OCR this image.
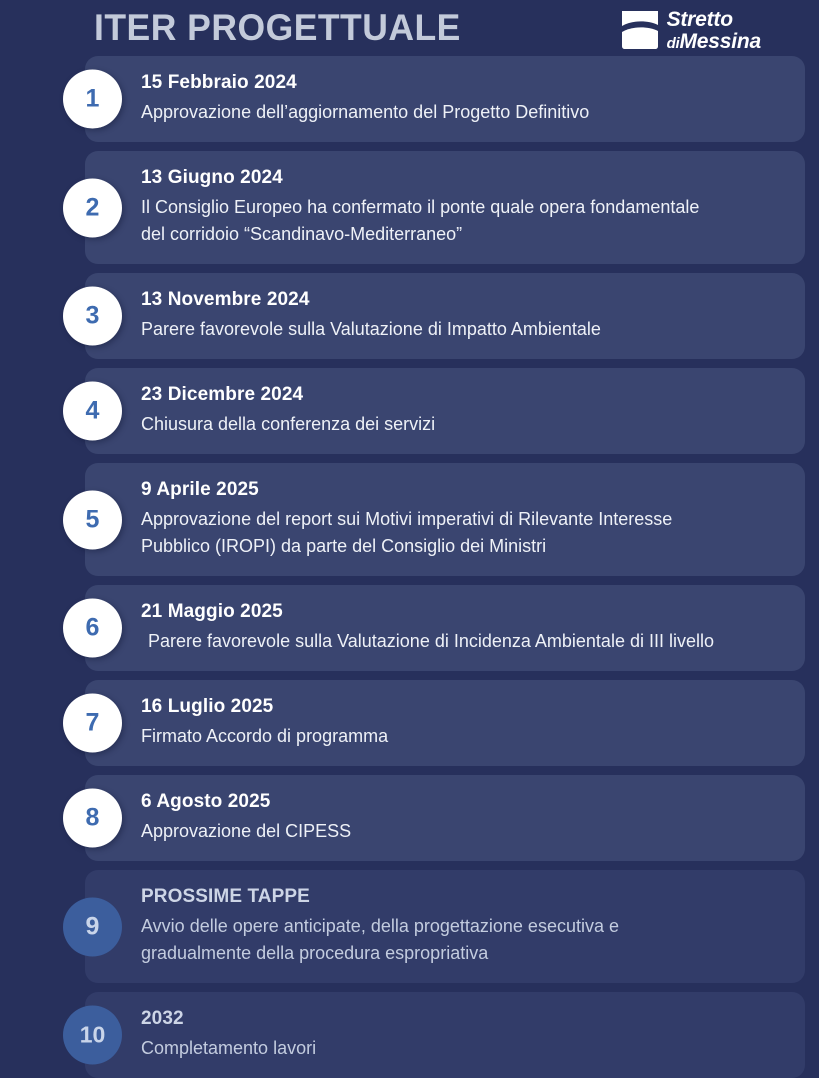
ITER PROGETTUALE	Stretto
diMessina
15 Febbraio 2024
Approvazione dell’aggiornamento del Progetto Definitivo
1
13 Giugno 2024
Il Consiglio Europeo ha confermato il ponte quale opera fondamentale
del corridoio “Scandinavo-Mediterraneo”
2
13 Novembre 2024
Parere favorevole sulla Valutazione di Impatto Ambientale
3
23 Dicembre 2024
Chiusura della conferenza dei servizi
4
9 Aprile 2025
Approvazione del report sui Motivi imperativi di Rilevante Interesse
Pubblico (IROPI) da parte del Consiglio dei Ministri
5
21 Maggio 2025
Parere favorevole sulla Valutazione di Incidenza Ambientale di III livello
6
16 Luglio 2025
Firmato Accordo di programma
7
6 Agosto 2025
Approvazione del CIPESS
8
PROSSIME TAPPE
Avvio delle opere anticipate, della progettazione esecutiva e
gradualmente della procedura espropriativa
9
2032
Completamento lavori
10
